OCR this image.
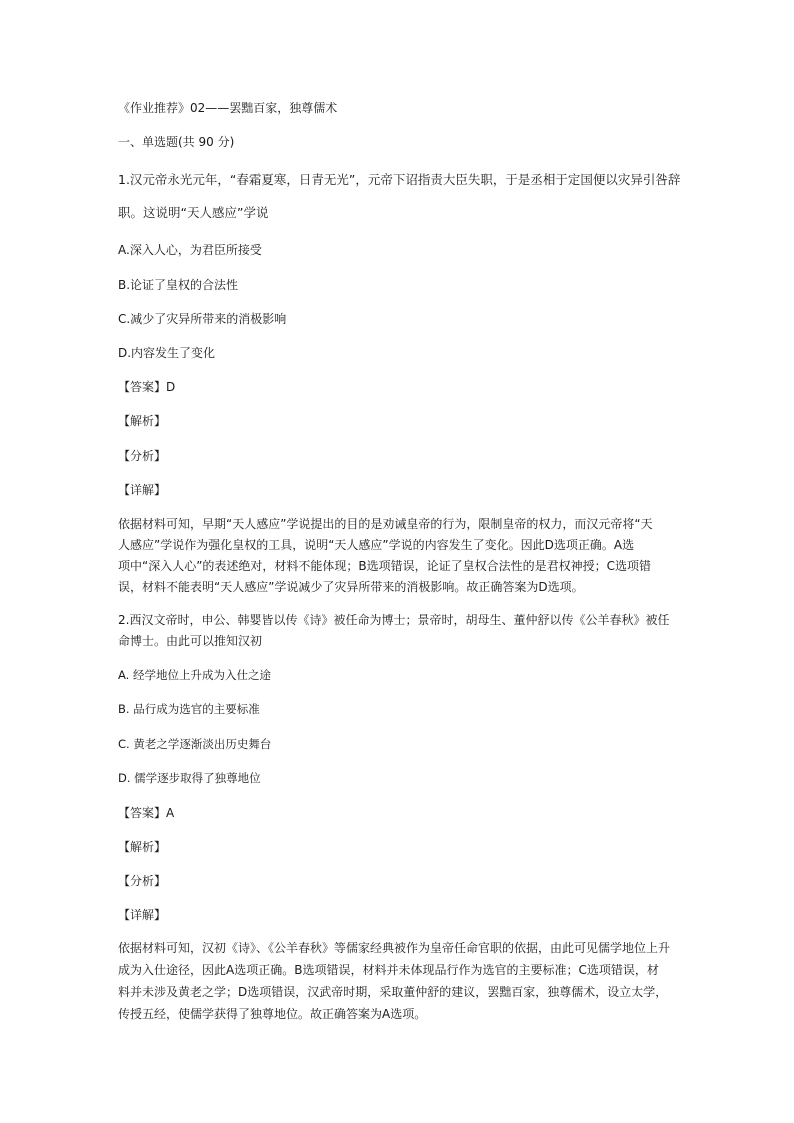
《作业推荐》02——罢黜百家，独尊儒术
一、单选题(共 90 分)
1.汉元帝永光元年，“春霜夏寒，日青无光”，元帝下诏指责大臣失职，于是丞相于定国便以灾异引咎辞
职。这说明“天人感应”学说
A.深入人心，为君臣所接受
B.论证了皇权的合法性
C.减少了灾异所带来的消极影响
D.内容发生了变化
【答案】D
【解析】
【分析】
【详解】
依据材料可知，早期“天人感应”学说提出的目的是劝诫皇帝的行为，限制皇帝的权力，而汉元帝将“天
人感应”学说作为强化皇权的工具，说明“天人感应”学说的内容发生了变化。因此D选项正确。A选
项中“深入人心”的表述绝对，材料不能体现；B选项错误，论证了皇权合法性的是君权神授；C选项错
误，材料不能表明“天人感应”学说减少了灾异所带来的消极影响。故正确答案为D选项。
2.西汉文帝时，申公、韩婴皆以传《诗》被任命为博士；景帝时，胡母生、董仲舒以传《公羊春秋》被任
命博士。由此可以推知汉初
A. 经学地位上升成为入仕之途
B. 品行成为选官的主要标准
C. 黄老之学逐渐淡出历史舞台
D. 儒学逐步取得了独尊地位
【答案】A
【解析】
【分析】
【详解】
依据材料可知，汉初《诗》、《公羊春秋》等儒家经典被作为皇帝任命官职的依据，由此可见儒学地位上升
成为入仕途径，因此A选项正确。B选项错误，材料并未体现品行作为选官的主要标准；C选项错误，材
料并未涉及黄老之学；D选项错误，汉武帝时期，采取董仲舒的建议，罢黜百家，独尊儒术，设立太学，
传授五经，使儒学获得了独尊地位。故正确答案为A选项。
